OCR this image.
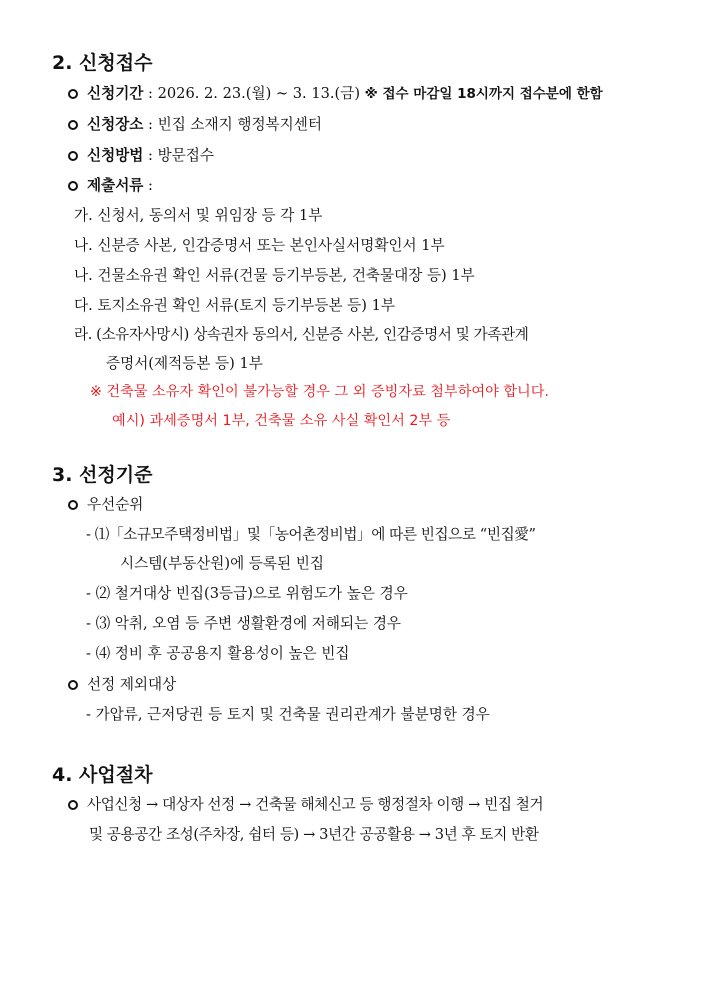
2. 신청접수
신청기간 : 2026. 2. 23.(월) ~ 3. 13.(금) ※ 접수 마감일 18시까지 접수분에 한함
신청장소 : 빈집 소재지 행정복지센터
신청방법 : 방문접수
제출서류 :
가. 신청서, 동의서 및 위임장 등 각 1부
나. 신분증 사본, 인감증명서 또는 본인사실서명확인서 1부
나. 건물소유권 확인 서류(건물 등기부등본, 건축물대장 등) 1부
다. 토지소유권 확인 서류(토지 등기부등본 등) 1부
라. (소유자사망시) 상속권자 동의서, 신분증 사본, 인감증명서 및 가족관계
증명서(제적등본 등) 1부
※ 건축물 소유자 확인이 불가능할 경우 그 외 증빙자료 첨부하여야 합니다.
예시) 과세증명서 1부, 건축물 소유 사실 확인서 2부 등
3. 선정기준
우선순위
- ⑴「소규모주택정비법」및「농어촌정비법」에 따른 빈집으로 “빈집愛”
시스템(부동산원)에 등록된 빈집
- ⑵ 철거대상 빈집(3등급)으로 위험도가 높은 경우
- ⑶ 악취, 오염 등 주변 생활환경에 저해되는 경우
- ⑷ 정비 후 공공용지 활용성이 높은 빈집
선정 제외대상
- 가압류, 근저당권 등 토지 및 건축물 권리관계가 불분명한 경우
4. 사업절차
사업신청 → 대상자 선정 → 건축물 해체신고 등 행정절차 이행 → 빈집 철거
및 공용공간 조성(주차장, 쉼터 등) → 3년간 공공활용 → 3년 후 토지 반환
